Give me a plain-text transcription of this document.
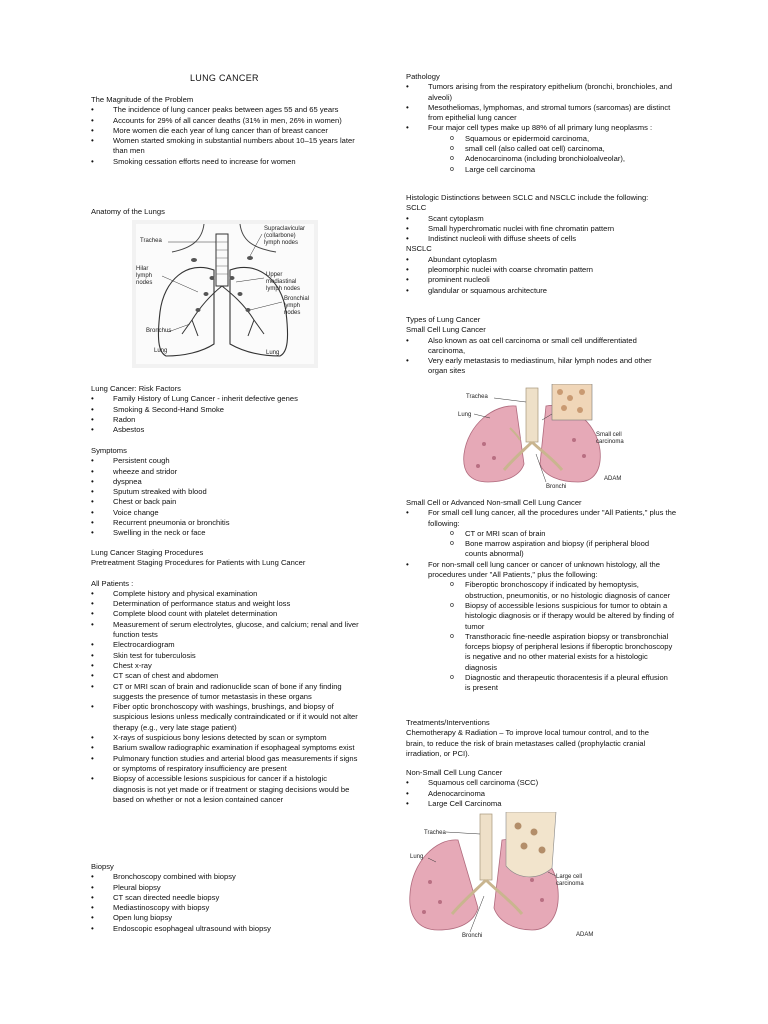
LUNG CANCER
The Magnitude of the Problem
• The incidence of lung cancer peaks between ages 55 and 65 years
• Accounts for 29% of all cancer deaths (31% in men, 26% in women)
• More women die each year of lung cancer than of breast cancer
• Women started smoking in substantial numbers about 10–15 years later than men
• Smoking cessation efforts need to increase for women
Anatomy of the Lungs
Trachea
Supraclavicular
(collarbone)
lymph nodes
Hilar
lymph
nodes
Upper
mediastinal
lymph nodes
Bronchial
lymph
nodes
Bronchus
Lung	Lung
Lung Cancer: Risk Factors
• Family History of Lung Cancer - inherit defective genes
• Smoking & Second-Hand Smoke
• Radon
• Asbestos
Symptoms
• Persistent cough
• wheeze and stridor
• dyspnea
• Sputum streaked with blood
• Chest or back pain
• Voice change
• Recurrent pneumonia or bronchitis
• Swelling in the neck or face
Lung Cancer Staging Procedures
Pretreatment Staging Procedures for Patients with Lung Cancer
All Patients :
• Complete history and physical examination
• Determination of performance status and weight loss
• Complete blood count with platelet determination
• Measurement of serum electrolytes, glucose, and calcium; renal and liver function tests
• Electrocardiogram
• Skin test for tuberculosis
• Chest x-ray
• CT scan of chest and abdomen
• CT or MRI scan of brain and radionuclide scan of bone if any finding suggests the presence of tumor metastasis in these organs
• Fiber optic bronchoscopy with washings, brushings, and biopsy of suspicious lesions unless medically contraindicated or if it would not alter therapy (e.g., very late stage patient)
• X-rays of suspicious bony lesions detected by scan or symptom
• Barium swallow radiographic examination if esophageal symptoms exist
• Pulmonary function studies and arterial blood gas measurements if signs or symptoms of respiratory insufficiency are present
• Biopsy of accessible lesions suspicious for cancer if a histologic diagnosis is not yet made or if treatment or staging decisions would be based on whether or not a lesion contained cancer
Biopsy
• Bronchoscopy combined with biopsy
• Pleural biopsy
• CT scan directed needle biopsy
• Mediastinoscopy with biopsy
• Open lung biopsy
• Endoscopic esophageal ultrasound with biopsy
Pathology
• Tumors arising from the respiratory epithelium (bronchi, bronchioles, and alveoli)
• Mesotheliomas, lymphomas, and stromal tumors (sarcomas) are distinct from epithelial lung cancer
• Four major cell types make up 88% of all primary lung neoplasms :
o Squamous or epidermoid carcinoma,
o small cell (also called oat cell) carcinoma,
o Adenocarcinoma (including bronchioloalveolar),
o Large cell carcinoma
Histologic Distinctions between SCLC and NSCLC include the following:
SCLC
• Scant cytoplasm
• Small hyperchromatic nuclei with fine chromatin pattern
• Indistinct nucleoli with diffuse sheets of cells
NSCLC
• Abundant cytoplasm
• pleomorphic nuclei with coarse chromatin pattern
• prominent nucleoli
• glandular or squamous architecture
Types of Lung Cancer
Small Cell Lung Cancer
• Also known as oat cell carcinoma or small cell undifferentiated carcinoma,
• Very early metastasis to mediastinum, hilar lymph nodes and other organ sites
Trachea
Lung
Small cell
carcinoma
Bronchi
ADAM
Small Cell or Advanced Non-small Cell Lung Cancer
• For small cell lung cancer, all the procedures under "All Patients," plus the following:
o CT or MRI scan of brain
o Bone marrow aspiration and biopsy (if peripheral blood counts abnormal)
• For non-small cell lung cancer or cancer of unknown histology, all the procedures under "All Patients," plus the following:
o Fiberoptic bronchoscopy if indicated by hemoptysis, obstruction, pneumonitis, or no histologic diagnosis of cancer
o Biopsy of accessible lesions suspicious for tumor to obtain a histologic diagnosis or if therapy would be altered by finding of tumor
o Transthoracic fine-needle aspiration biopsy or transbronchial forceps biopsy of peripheral lesions if fiberoptic bronchoscopy is negative and no other material exists for a histologic diagnosis
o Diagnostic and therapeutic thoracentesis if a pleural effusion is present
Treatments/Interventions
Chemotherapy & Radiation – To improve local tumour control, and to the brain, to reduce the risk of brain metastases called (prophylactic cranial irradiation, or PCI).
Non-Small Cell Lung Cancer
• Squamous cell carcinoma (SCC)
• Adenocarcinoma
• Large Cell Carcinoma
Trachea
Lung
Large cell
carcinoma
Bronchi	ADAM
